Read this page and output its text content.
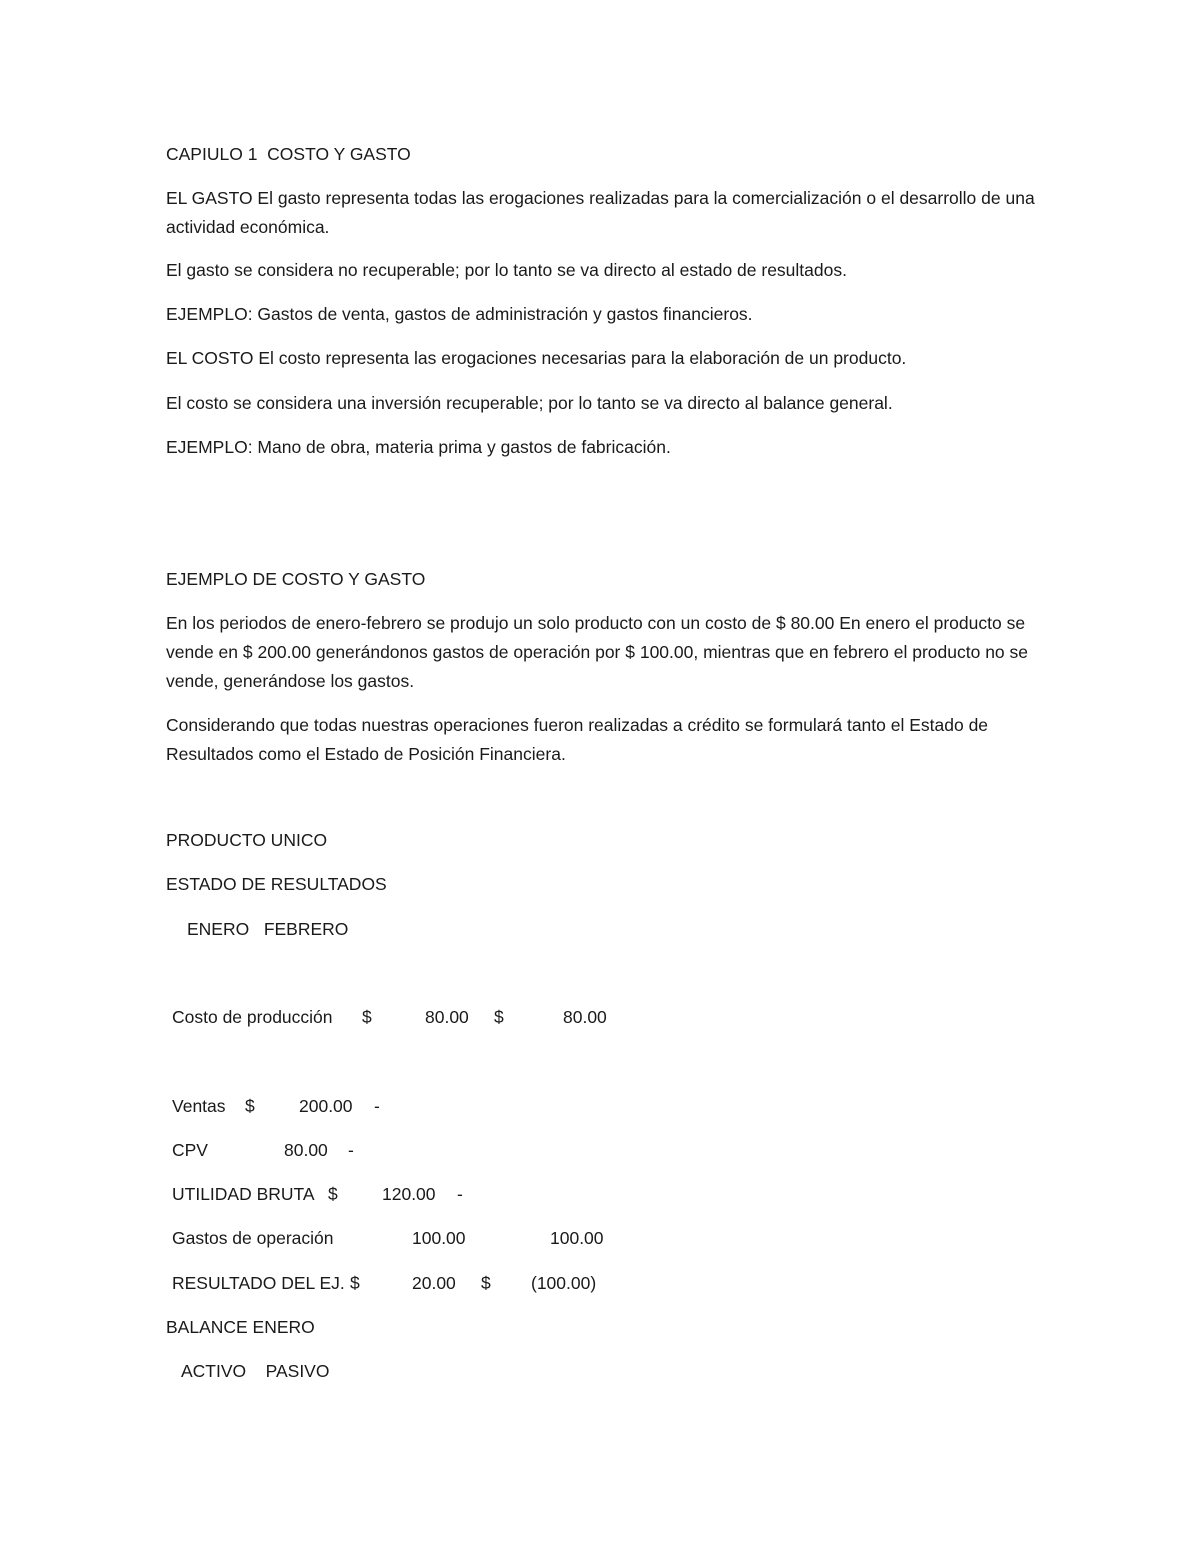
CAPIULO 1  COSTO Y GASTO
EL GASTO El gasto representa todas las erogaciones realizadas para la comercialización o el desarrollo de una actividad económica.
El gasto se considera no recuperable; por lo tanto se va directo al estado de resultados.
EJEMPLO: Gastos de venta, gastos de administración y gastos financieros.
EL COSTO El costo representa las erogaciones necesarias para la elaboración de un producto.
El costo se considera una inversión recuperable; por lo tanto se va directo al balance general.
EJEMPLO: Mano de obra, materia prima y gastos de fabricación.
EJEMPLO DE COSTO Y GASTO
En los periodos de enero-febrero se produjo un solo producto con un costo de $ 80.00 En enero el producto se vende en $ 200.00 generándonos gastos de operación por $ 100.00, mientras que en febrero el producto no se vende, generándose los gastos.
Considerando que todas nuestras operaciones fueron realizadas a crédito se formulará tanto el Estado de Resultados como el Estado de Posición Financiera.
PRODUCTO UNICO
ESTADO DE RESULTADOS
ENERO   FEBRERO
Costo de producción $	80.00 $	80.00
Ventas $	200.00 -
CPV	80.00 -
UTILIDAD BRUTA $	120.00 -
Gastos de operación	100.00	100.00
RESULTADO DEL EJ. $	20.00 $ (100.00)
BALANCE ENERO
ACTIVO    PASIVO
